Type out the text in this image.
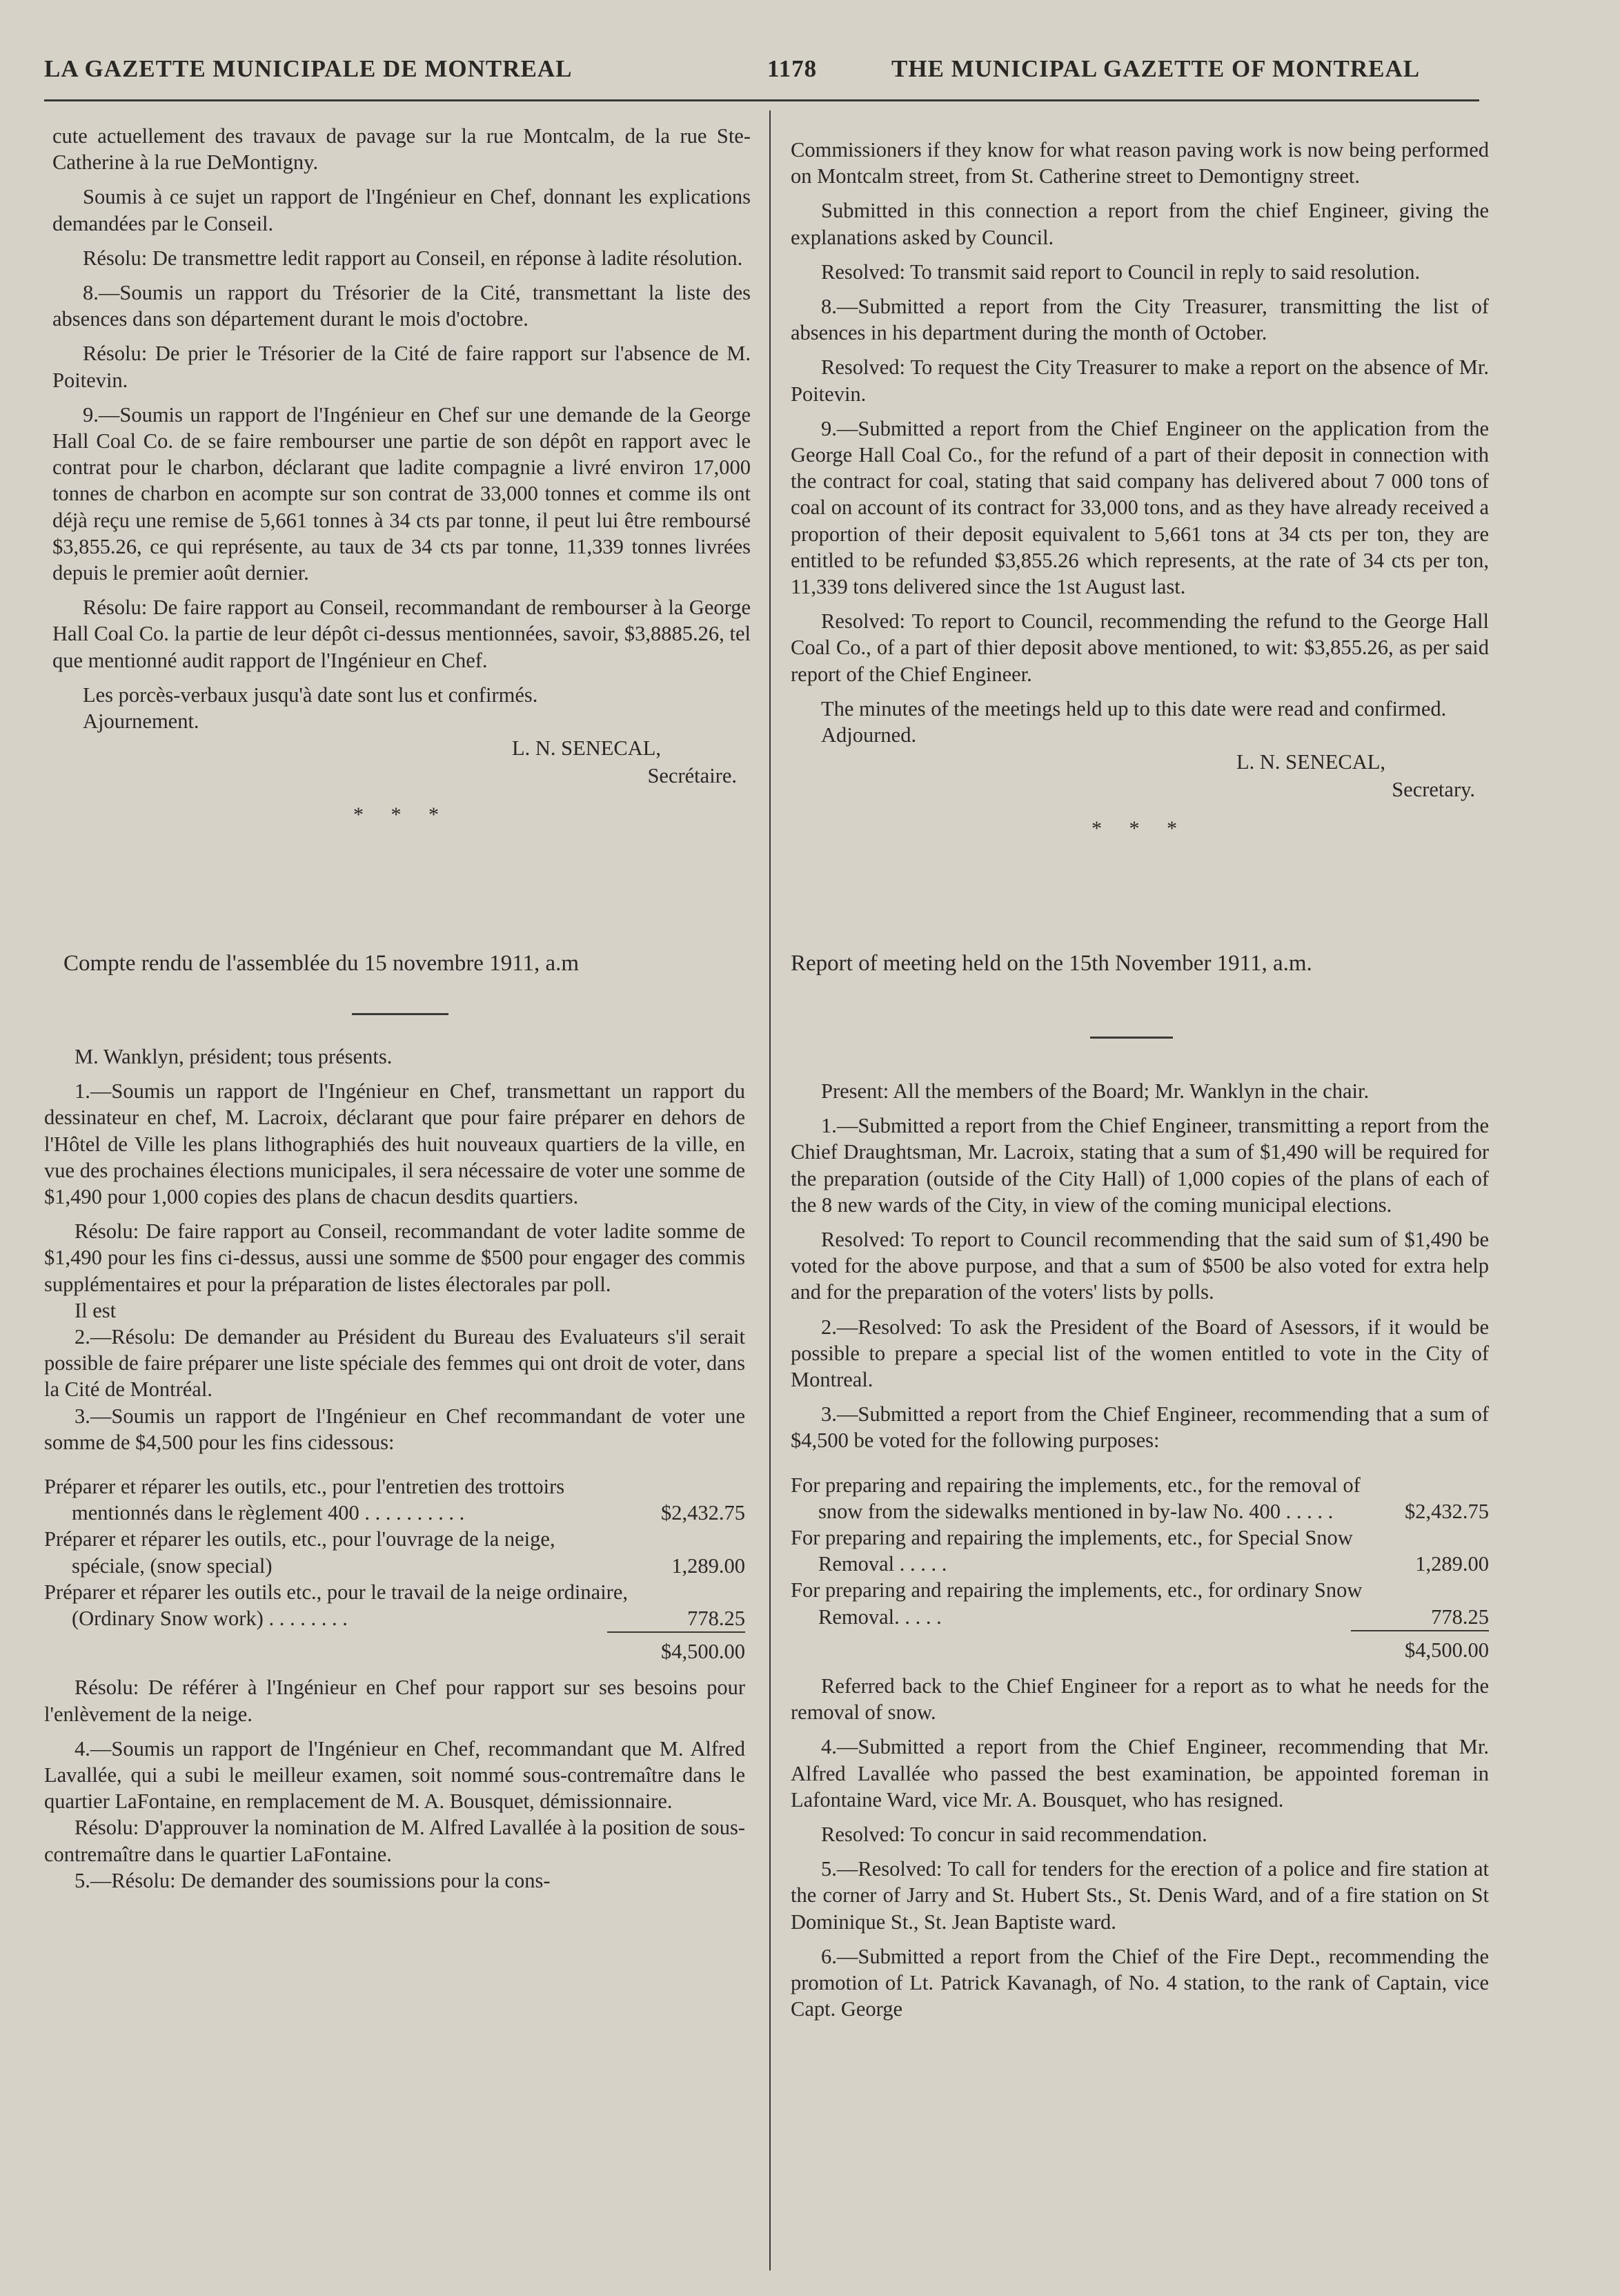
LA GAZETTE MUNICIPALE DE MONTREAL	1178	THE MUNICIPAL GAZETTE OF MONTREAL

cute actuellement des travaux de pavage sur la rue Montcalm, de la rue Ste-Catherine à la rue DeMontigny.

Soumis à ce sujet un rapport de l'Ingénieur en Chef, donnant les explications demandées par le Conseil.

Résolu: De transmettre ledit rapport au Conseil, en réponse à ladite résolution.

8.—Soumis un rapport du Trésorier de la Cité, transmettant la liste des absences dans son département durant le mois d'octobre.

Résolu: De prier le Trésorier de la Cité de faire rapport sur l'absence de M. Poitevin.

9.—Soumis un rapport de l'Ingénieur en Chef sur une demande de la George Hall Coal Co. de se faire rembourser une partie de son dépôt en rapport avec le contrat pour le charbon, déclarant que ladite compagnie a livré environ 17,000 tonnes de charbon en acompte sur son contrat de 33,000 tonnes et comme ils ont déjà reçu une remise de 5,661 tonnes à 34 cts par tonne, il peut lui être remboursé $3,855.26, ce qui représente, au taux de 34 cts par tonne, 11,339 tonnes livrées depuis le premier août dernier.

Résolu: De faire rapport au Conseil, recommandant de rembourser à la George Hall Coal Co. la partie de leur dépôt ci-dessus mentionnées, savoir, $3,8885.26, tel que mentionné audit rapport de l'Ingénieur en Chef.

Les porcès-verbaux jusqu'à date sont lus et confirmés.

Ajournement.

L. N. SENECAL,
Secrétaire.
* * *

Commissioners if they know for what reason paving work is now being performed on Montcalm street, from St. Catherine street to Demontigny street.

Submitted in this connection a report from the chief Engineer, giving the explanations asked by Council.

Resolved: To transmit said report to Council in reply to said resolution.

8.—Submitted a report from the City Treasurer, transmitting the list of absences in his department during the month of October.

Resolved: To request the City Treasurer to make a report on the absence of Mr. Poitevin.

9.—Submitted a report from the Chief Engineer on the application from the George Hall Coal Co., for the refund of a part of their deposit in connection with the contract for coal, stating that said company has delivered about 7 000 tons of coal on account of its contract for 33,000 tons, and as they have already received a proportion of their deposit equivalent to 5,661 tons at 34 cts per ton, they are entitled to be refunded $3,855.26 which represents, at the rate of 34 cts per ton, 11,339 tons delivered since the 1st August last.

Resolved: To report to Council, recommending the refund to the George Hall Coal Co., of a part of thier deposit above mentioned, to wit: $3,855.26, as per said report of the Chief Engineer.

The minutes of the meetings held up to this date were read and confirmed.

Adjourned.

L. N. SENECAL,
Secretary.
* * *
Compte rendu de l'assemblée du 15 novembre 1911, a.m	Report of meeting held on the 15th November 1911, a.m.

M. Wanklyn, président; tous présents.

1.—Soumis un rapport de l'Ingénieur en Chef, transmettant un rapport du dessinateur en chef, M. Lacroix, déclarant que pour faire préparer en dehors de l'Hôtel de Ville les plans lithographiés des huit nouveaux quartiers de la ville, en vue des prochaines élections municipales, il sera nécessaire de voter une somme de $1,490 pour 1,000 copies des plans de chacun desdits quartiers.

Résolu: De faire rapport au Conseil, recommandant de voter ladite somme de $1,490 pour les fins ci-dessus, aussi une somme de $500 pour engager des commis supplémentaires et pour la préparation de listes électorales par poll.

Il est

2.—Résolu: De demander au Président du Bureau des Evaluateurs s'il serait possible de faire préparer une liste spéciale des femmes qui ont droit de voter, dans la Cité de Montréal.

3.—Soumis un rapport de l'Ingénieur en Chef recommandant de voter une somme de $4,500 pour les fins cidessous:

Préparer et réparer les outils, etc., pour l'entretien des trottoirs mentionnés dans le règlement 400 . . . . . . . . . .	$2,432.75
Préparer et réparer les outils, etc., pour l'ouvrage de la neige, spéciale, (snow special)	1,289.00
Préparer et réparer les outils etc., pour le travail de la neige ordinaire, (Ordinary Snow work) . . . . . . . .	778.25
$4,500.00

Résolu: De référer à l'Ingénieur en Chef pour rapport sur ses besoins pour l'enlèvement de la neige.

4.—Soumis un rapport de l'Ingénieur en Chef, recommandant que M. Alfred Lavallée, qui a subi le meilleur examen, soit nommé sous-contremaître dans le quartier LaFontaine, en remplacement de M. A. Bousquet, démissionnaire.

Résolu: D'approuver la nomination de M. Alfred Lavallée à la position de sous-contremaître dans le quartier LaFontaine.

5.—Résolu: De demander des soumissions pour la cons-

Present: All the members of the Board; Mr. Wanklyn in the chair.

1.—Submitted a report from the Chief Engineer, transmitting a report from the Chief Draughtsman, Mr. Lacroix, stating that a sum of $1,490 will be required for the preparation (outside of the City Hall) of 1,000 copies of the plans of each of the 8 new wards of the City, in view of the coming municipal elections.

Resolved: To report to Council recommending that the said sum of $1,490 be voted for the above purpose, and that a sum of $500 be also voted for extra help and for the preparation of the voters' lists by polls.

2.—Resolved: To ask the President of the Board of Asessors, if it would be possible to prepare a special list of the women entitled to vote in the City of Montreal.

3.—Submitted a report from the Chief Engineer, recommending that a sum of $4,500 be voted for the following purposes:

For preparing and repairing the implements, etc., for the removal of snow from the sidewalks mentioned in by-law No. 400 . . . . .	$2,432.75
For preparing and repairing the implements, etc., for Special Snow Removal . . . . .	1,289.00
For preparing and repairing the implements, etc., for ordinary Snow Removal. . . . .	778.25
$4,500.00

Referred back to the Chief Engineer for a report as to what he needs for the removal of snow.

4.—Submitted a report from the Chief Engineer, recommending that Mr. Alfred Lavallée who passed the best examination, be appointed foreman in Lafontaine Ward, vice Mr. A. Bousquet, who has resigned.

Resolved: To concur in said recommendation.

5.—Resolved: To call for tenders for the erection of a police and fire station at the corner of Jarry and St. Hubert Sts., St. Denis Ward, and of a fire station on St Dominique St., St. Jean Baptiste ward.

6.—Submitted a report from the Chief of the Fire Dept., recommending the promotion of Lt. Patrick Kavanagh, of No. 4 station, to the rank of Captain, vice Capt. George
